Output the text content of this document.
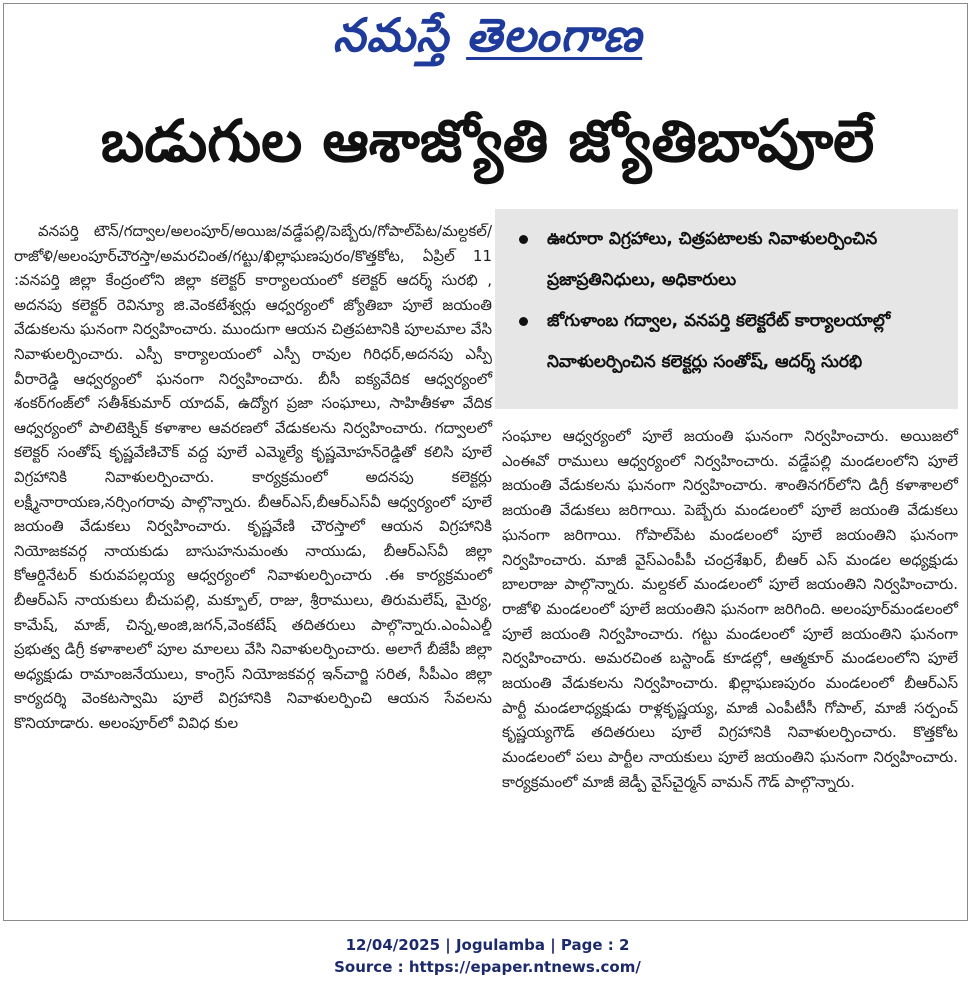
నమస్తే తెలంగాణ
బడుగుల ఆశాజ్యోతి జ్యోతిబాపూలే

వనపర్తి టౌన్/గద్వాల/అలంపూర్/అయిజ/వడ్డేపల్లి/పెబ్బేరు/గోపాల్‌పేట/మల్దకల్/రాజోళి/అలంపూర్‌చౌరస్తా/అమరచింత/గట్టు/ఖిల్లాఘణపురం/కొత్తకోట, ఏప్రిల్ 11 :వనపర్తి జిల్లా కేంద్రంలోని జిల్లా కలెక్టర్ కార్యాలయంలో కలెక్టర్ ఆదర్శ్ సురభి , అదనపు కలెక్టర్ రెవిన్యూ జి.వెంకటేశ్వర్లు ఆధ్వర్యంలో జ్యోతిబా పూలే జయంతి వేడుకలను ఘనంగా నిర్వహించారు. ముందుగా ఆయన చిత్రపటానికి పూలమాల వేసి నివాళులర్పించారు. ఎస్పీ కార్యాలయంలో ఎస్పీ రావుల గిరిధర్,అదనపు ఎస్పీ వీరారెడ్డి ఆధ్వర్యంలో ఘనంగా నిర్వహించారు. బీసీ ఐక్యవేదిక ఆధ్వర్యంలో శంకర్‌గంజ్‌లో సతీశ్‌కుమార్ యాదవ్, ఉద్యోగ ప్రజా సంఘాలు, సాహితీకళా వేదిక ఆధ్వర్యంలో పాలిటెక్నిక్ కళాశాల ఆవరణలో వేడుకలను నిర్వహించారు. గద్వాలలో కలెక్టర్ సంతోష్ కృష్ణవేణిచౌక్ వద్ద పూలే ఎమ్మెల్యే కృష్ణమోహన్‌రెడ్డితో కలిసి పూలే విగ్రహానికి నివాళులర్పించారు. కార్యక్రమంలో అదనపు కలెక్టర్లు లక్ష్మీనారాయణ,నర్సింగరావు పాల్గొన్నారు. బీఆర్‌ఎస్,బీఆర్‌ఎస్‌వీ ఆధ్వర్యంలో పూలే జయంతి వేడుకలు నిర్వహించారు. కృష్ణవేణి చౌరస్తాలో ఆయన విగ్రహానికి నియోజకవర్గ నాయకుడు బాసుహనుమంతు నాయుడు, బీఆర్‌ఎస్‌వీ జిల్లా కోఆర్డినేటర్ కురువపల్లయ్య ఆధ్వర్యంలో నివాళులర్పించారు .ఈ కార్యక్రమంలో బీఆర్‌ఎస్ నాయకులు బీచుపల్లి, మక్బూల్, రాజు, శ్రీరాములు, తిరుమలేష్, మైర్య, కామేష్, మాజ్, చిన్న,అంజి,జగన్,వెంకటేష్ తదితరులు పాల్గొన్నారు.ఎంఏఎల్డీ ప్రభుత్వ డిగ్రీ కళాశాలలో పూల మాలలు వేసి నివాళులర్పించారు. అలాగే బీజేపీ జిల్లా అధ్యక్షుడు రామాంజనేయులు, కాంగ్రెస్ నియోజకవర్గ ఇన్‌చార్జి సరిత, సీపీఎం జిల్లా కార్యదర్శి వెంకటస్వామి పూలే విగ్రహానికి నివాళులర్పించి ఆయన సేవలను కొనియాడారు. అలంపూర్‌లో వివిధ కుల

ఊరూరా విగ్రహాలు, చిత్రపటాలకు నివాళులర్పించిన ప్రజాప్రతినిధులు, అధికారులు
జోగుళాంబ గద్వాల, వనపర్తి కలెక్టరేట్ కార్యాలయాల్లో నివాళులర్పించిన కలెక్టర్లు సంతోష్, ఆదర్శ్ సురభి

సంఘాల ఆధ్వర్యంలో పూలే జయంతి ఘనంగా నిర్వహించారు. అయిజలో ఎంఈవో రాములు ఆధ్వర్యంలో నిర్వహించారు. వడ్డేపల్లి మండలంలోని పూలే జయంతి వేడుకలను ఘనంగా నిర్వహించారు. శాంతినగర్‌లోని డిగ్రీ కళాశాలలో జయంతి వేడుకలు జరిగాయి. పెబ్బేరు మండలంలో పూలే జయంతి వేడుకలు ఘనంగా జరిగాయి. గోపాల్‌పేట మండలంలో పూలే జయంతిని ఘనంగా నిర్వహించారు. మాజీ వైస్‌ఎంపీపీ చంద్రశేఖర్, బీఆర్ ఎస్ మండల అధ్యక్షుడు బాలరాజు పాల్గొన్నారు. మల్దకల్ మండలంలో పూలే జయంతిని నిర్వహించారు. రాజోళి మండలంలో పూలే జయంతిని ఘనంగా జరిగింది. అలంపూర్‌మండలంలో పూలే జయంతి నిర్వహించారు. గట్టు మండలంలో పూలే జయంతిని ఘనంగా నిర్వహించారు. అమరచింత బస్టాండ్ కూడల్లో, ఆత్మకూర్ మండలంలోని పూలే జయంతి వేడుకలను నిర్వహించారు. ఖిల్లాఘణపురం మండలంలో బీఆర్‌ఎస్ పార్టీ మండలాధ్యక్షుడు రాళ్లకృష్ణయ్య, మాజీ ఎంపీటీసీ గోపాల్, మాజీ సర్పంచ్ కృష్ణయ్యగౌడ్ తదితరులు పూలే విగ్రహానికి నివాళులర్పించారు. కొత్తకోట మండలంలో పలు పార్టీల నాయకులు పూలే జయంతిని ఘనంగా నిర్వహించారు. కార్యక్రమంలో మాజీ జెడ్పీ వైస్‌చైర్మన్ వామన్ గౌడ్ పాల్గొన్నారు.

12/04/2025 | Jogulamba | Page : 2
Source : https://epaper.ntnews.com/
